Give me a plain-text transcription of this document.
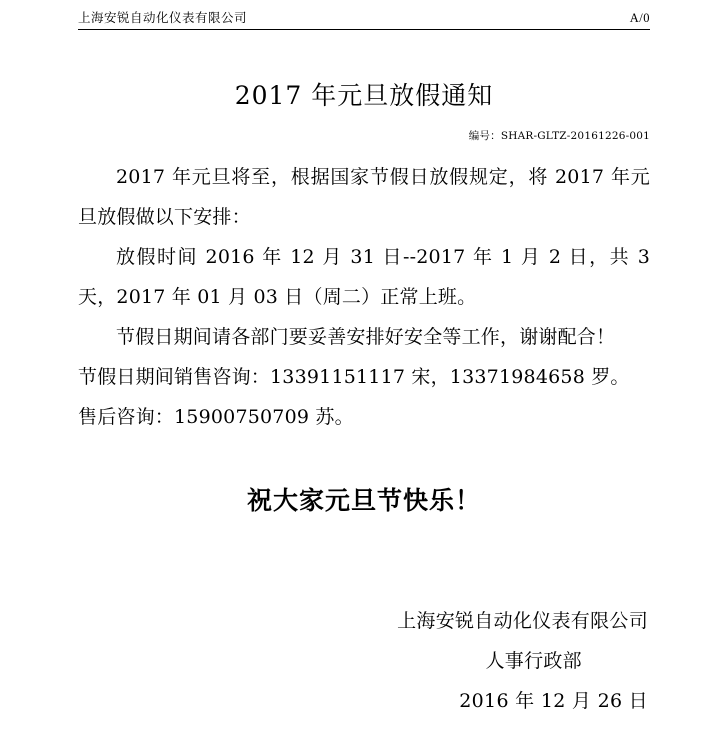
上海安锐自动化仪表有限公司	A/0
2017 年元旦放假通知
编号：SHAR-GLTZ-20161226-001

2017 年元旦将至，根据国家节假日放假规定，将 2017 年元旦放假做以下安排：

放假时间 2016 年 12 月 31 日--2017 年 1 月 2 日，共 3 天，2017 年 01 月 03 日（周二）正常上班。

节假日期间请各部门要妥善安排好安全等工作，谢谢配合！

节假日期间销售咨询：13391151117 宋，13371984658 罗。

售后咨询：15900750709 苏。

祝大家元旦节快乐！
上海安锐自动化仪表有限公司
人事行政部
2016 年 12 月 26 日
